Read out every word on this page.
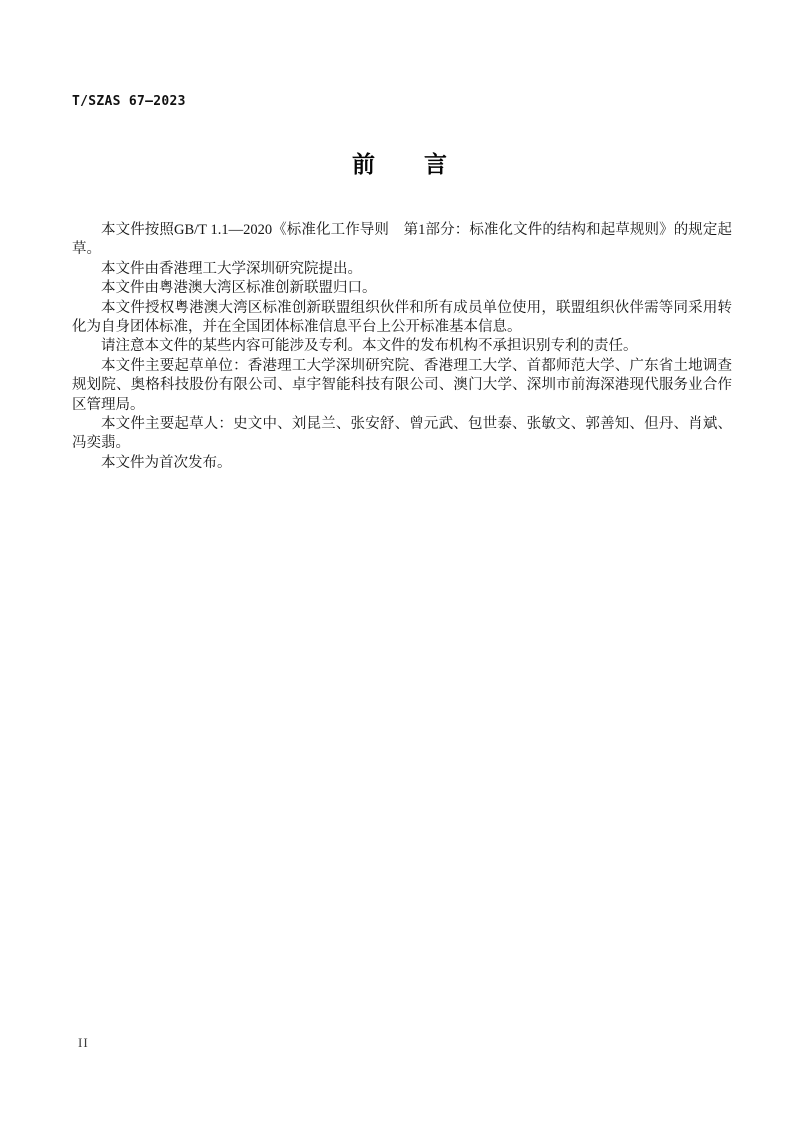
T/SZAS 67—2023
前　　言

本文件按照GB/T 1.1—2020《标准化工作导则　第1部分：标准化文件的结构和起草规则》的规定起草。

本文件由香港理工大学深圳研究院提出。

本文件由粤港澳大湾区标准创新联盟归口。

本文件授权粤港澳大湾区标准创新联盟组织伙伴和所有成员单位使用，联盟组织伙伴需等同采用转化为自身团体标准，并在全国团体标准信息平台上公开标准基本信息。

请注意本文件的某些内容可能涉及专利。本文件的发布机构不承担识别专利的责任。

本文件主要起草单位：香港理工大学深圳研究院、香港理工大学、首都师范大学、广东省土地调查规划院、奥格科技股份有限公司、卓宇智能科技有限公司、澳门大学、深圳市前海深港现代服务业合作区管理局。

本文件主要起草人：史文中、刘昆兰、张安舒、曾元武、包世泰、张敏文、郭善知、但丹、肖斌、冯奕翡。

本文件为首次发布。

II
